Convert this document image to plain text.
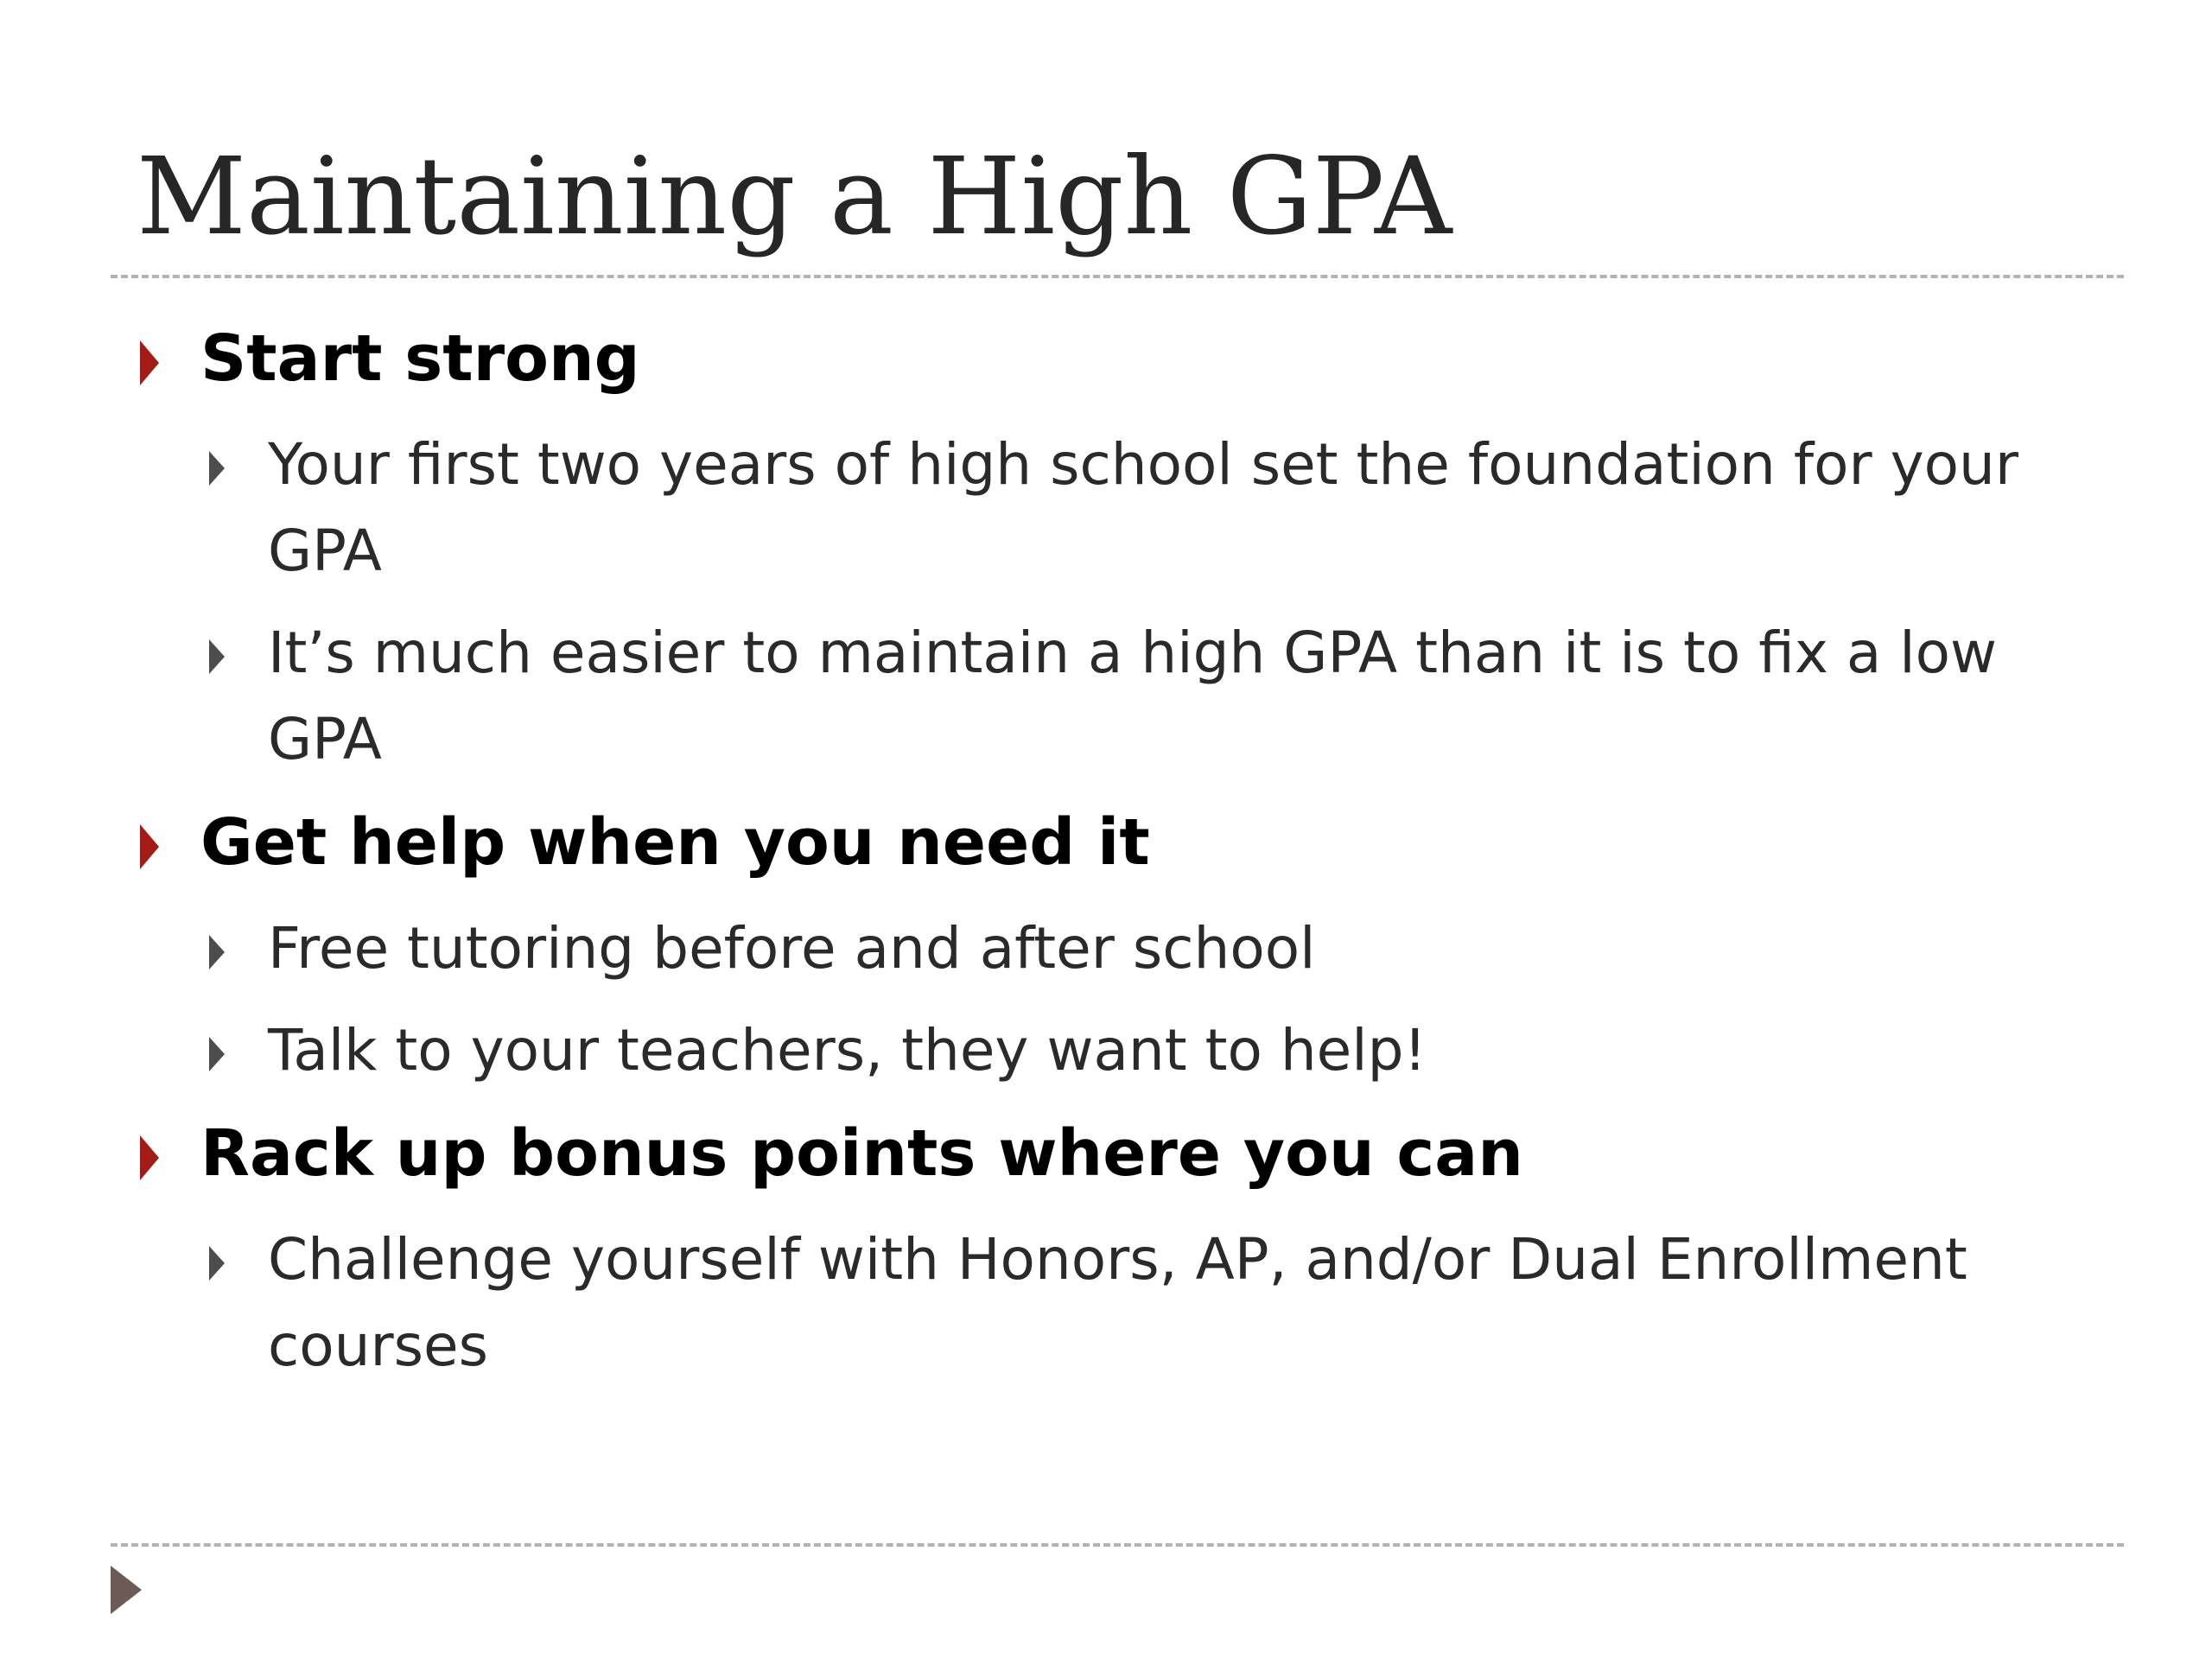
Maintaining a High GPA

Start strong

Your first two years of high school set the foundation for your GPA

It’s much easier to maintain a high GPA than it is to fix a low GPA

Get help when you need it

Free tutoring before and after school

Talk to your teachers, they want to help!

Rack up bonus points where you can

Challenge yourself with Honors, AP, and/or Dual Enrollment courses
